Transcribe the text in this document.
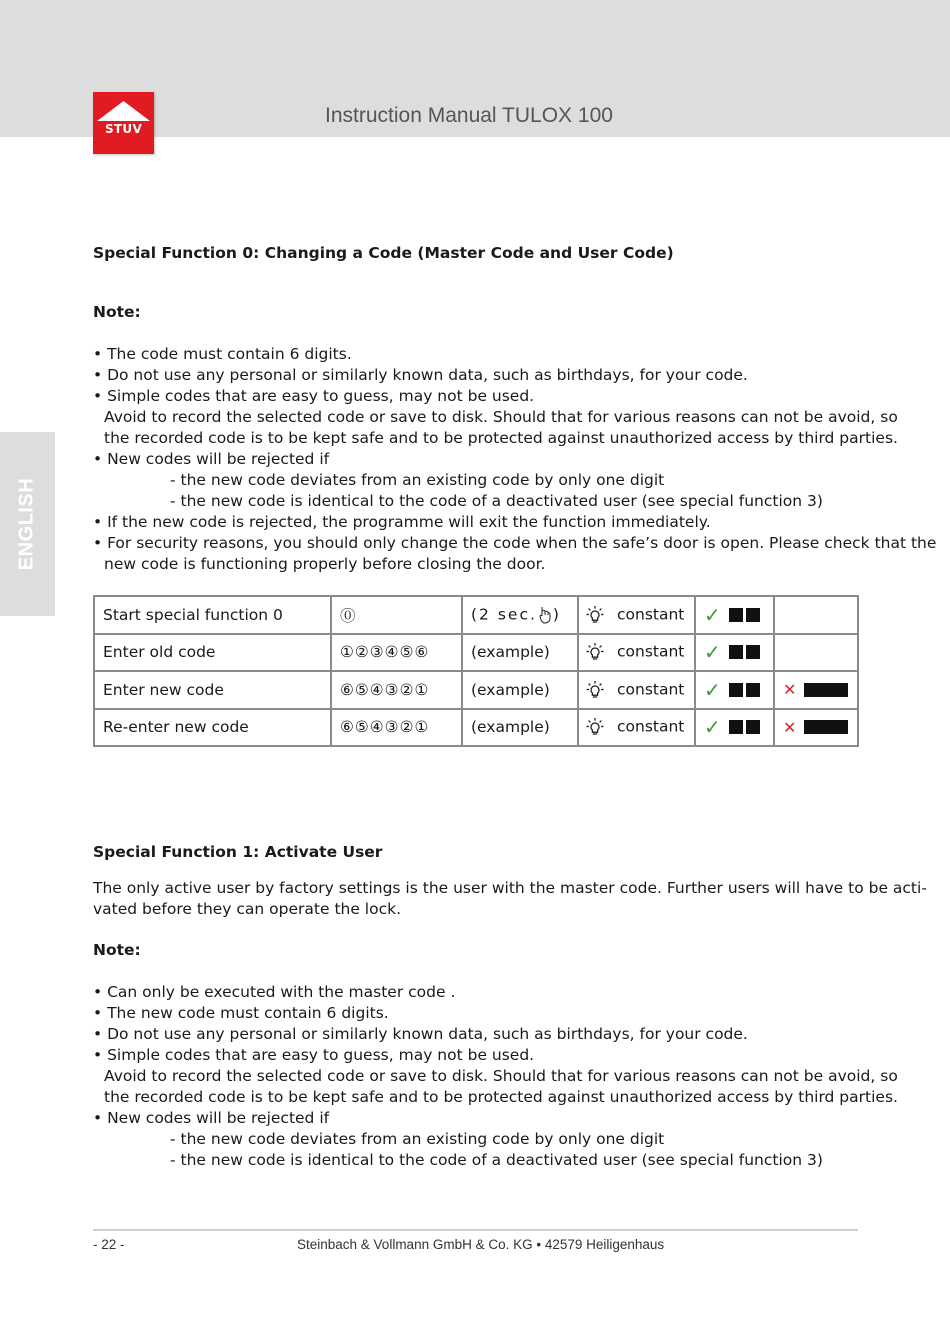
STUV
Instruction Manual TULOX 100
ENGLISH
Special Function 0: Changing a Code (Master Code and User Code)
Note:
• The code must contain 6 digits.
• Do not use any personal or similarly known data, such as birthdays, for your code.
• Simple codes that are easy to guess, may not be used.
Avoid to record the selected code or save to disk. Should that for various reasons can not be avoid, so
the recorded code is to be kept safe and to be protected against unauthorized access by third parties.
• New codes will be rejected if
- the new code deviates from an existing code by only one digit
- the new code is identical to the code of a deactivated user (see special function 3)
• If the new code is rejected, the programme will exit the function immediately.
• For security reasons, you should only change the code when the safe’s door is open. Please check that the
new code is functioning properly before closing the door.
Start special function 0	⓪	(2 sec. )	constant	✓	
Enter old code	①②③④⑤⑥	(example)	constant	✓	
Enter new code	⑥⑤④③②①	(example)	constant	✓	✕
Re-enter new code	⑥⑤④③②①	(example)	constant	✓	✕
Special Function 1: Activate User
The only active user by factory settings is the user with the master code. Further users will have to be acti-
vated before they can operate the lock.
Note:
• Can only be executed with the master code .
• The new code must contain 6 digits.
• Do not use any personal or similarly known data, such as birthdays, for your code.
• Simple codes that are easy to guess, may not be used.
Avoid to record the selected code or save to disk. Should that for various reasons can not be avoid, so
the recorded code is to be kept safe and to be protected against unauthorized access by third parties.
• New codes will be rejected if
- the new code deviates from an existing code by only one digit
- the new code is identical to the code of a deactivated user (see special function 3)
- 22 -	Steinbach & Vollmann GmbH & Co. KG • 42579 Heiligenhaus
